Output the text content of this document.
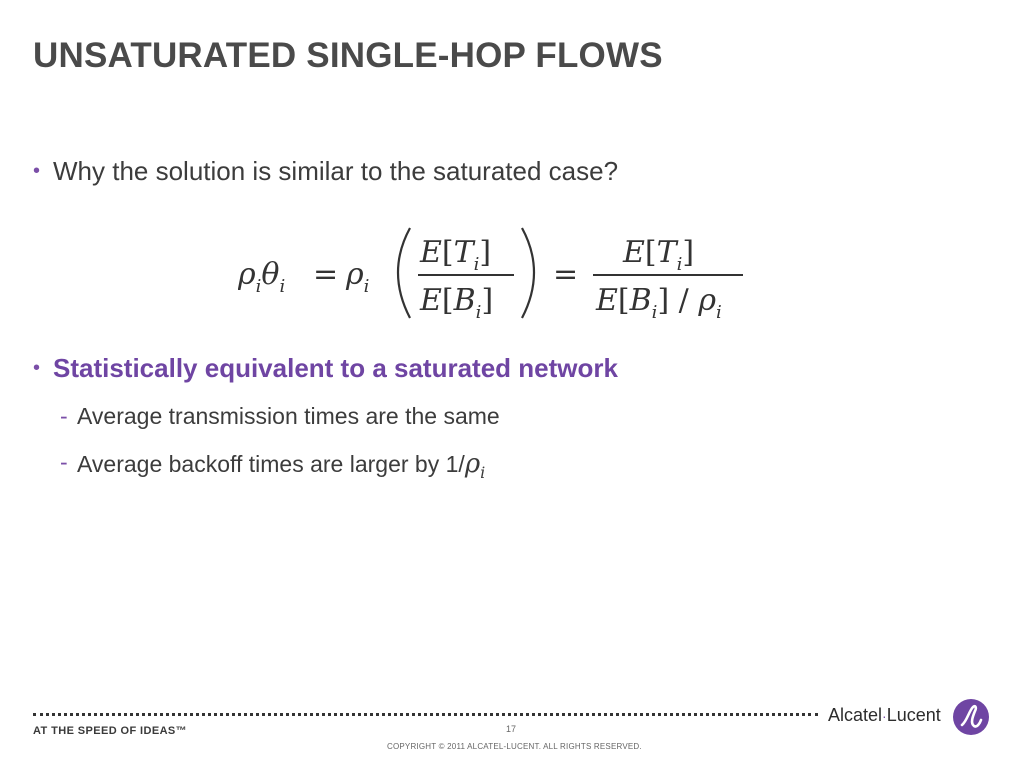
UNSATURATED SINGLE-HOP FLOWS
• Why the solution is similar to the saturated case?
$\rho_i\theta_i = \rho_i$
$E[T_i]$
$E[B_i]$
=
$E[T_i]$
$E[B_i] / \rho_i$
• Statistically equivalent to a saturated network
- Average transmission times are the same
- Average backoff times are larger by $1/\rho_i$
AT THE SPEED OF IDEAS™	17
COPYRIGHT © 2011 ALCATEL-LUCENT. ALL RIGHTS RESERVED.
Alcatel·Lucent
